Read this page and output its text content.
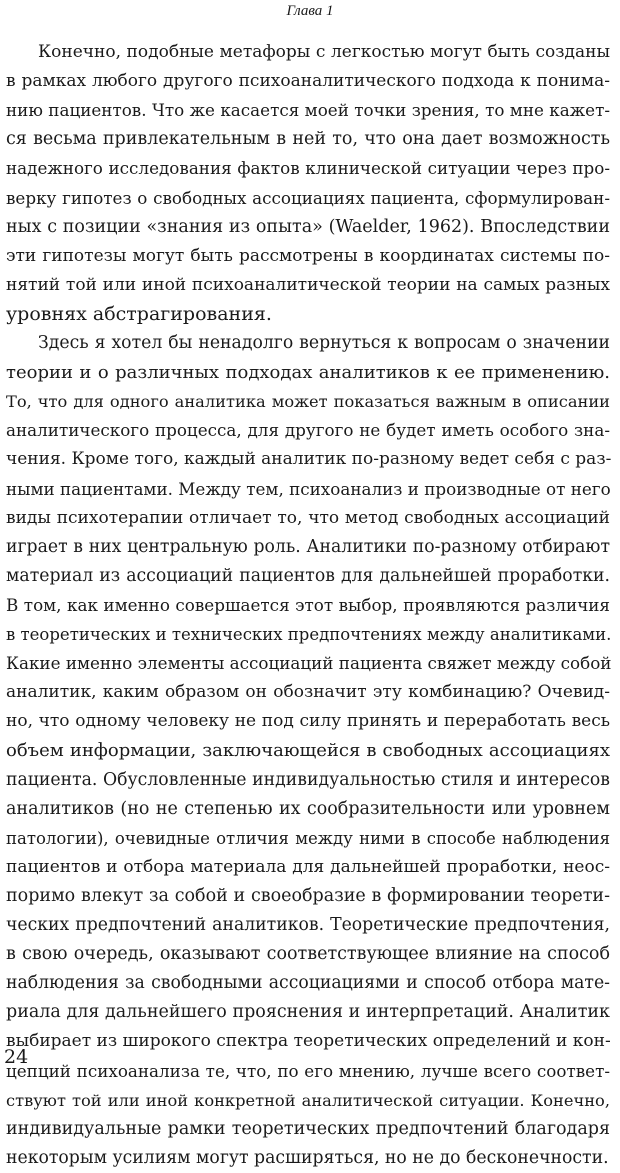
Глава 1
Конечно, подобные метафоры с легкостью могут быть созданы
в рамках любого другого психоаналитического подхода к понима-
нию пациентов. Что же касается моей точки зрения, то мне кажет-
ся весьма привлекательным в ней то, что она дает возможность
надежного исследования фактов клинической ситуации через про-
верку гипотез о свободных ассоциациях пациента, сформулирован-
ных с позиции «знания из опыта» (Waelder, 1962). Впоследствии
эти гипотезы могут быть рассмотрены в координатах системы по-
нятий той или иной психоаналитической теории на самых разных
уровнях абстрагирования.
Здесь я хотел бы ненадолго вернуться к вопросам о значении
теории и о различных подходах аналитиков к ее применению.
То, что для одного аналитика может показаться важным в описании
аналитического процесса, для другого не будет иметь особого зна-
чения. Кроме того, каждый аналитик по-разному ведет себя с раз-
ными пациентами. Между тем, психоанализ и производные от него
виды психотерапии отличает то, что метод свободных ассоциаций
играет в них центральную роль. Аналитики по-разному отбирают
материал из ассоциаций пациентов для дальнейшей проработки.
В том, как именно совершается этот выбор, проявляются различия
в теоретических и технических предпочтениях между аналитиками.
Какие именно элементы ассоциаций пациента свяжет между собой
аналитик, каким образом он обозначит эту комбинацию? Очевид-
но, что одному человеку не под силу принять и переработать весь
объем информации, заключающейся в свободных ассоциациях
пациента. Обусловленные индивидуальностью стиля и интересов
аналитиков (но не степенью их сообразительности или уровнем
патологии), очевидные отличия между ними в способе наблюдения
пациентов и отбора материала для дальнейшей проработки, неос-
поримо влекут за собой и своеобразие в формировании теорети-
ческих предпочтений аналитиков. Теоретические предпочтения,
в свою очередь, оказывают соответствующее влияние на способ
наблюдения за свободными ассоциациями и способ отбора мате-
риала для дальнейшего прояснения и интерпретаций. Аналитик
выбирает из широкого спектра теоретических определений и кон-
цепций психоанализа те, что, по его мнению, лучше всего соответ-
ствуют той или иной конкретной аналитической ситуации. Конечно,
индивидуальные рамки теоретических предпочтений благодаря
некоторым усилиям могут расширяться, но не до бесконечности.
24
